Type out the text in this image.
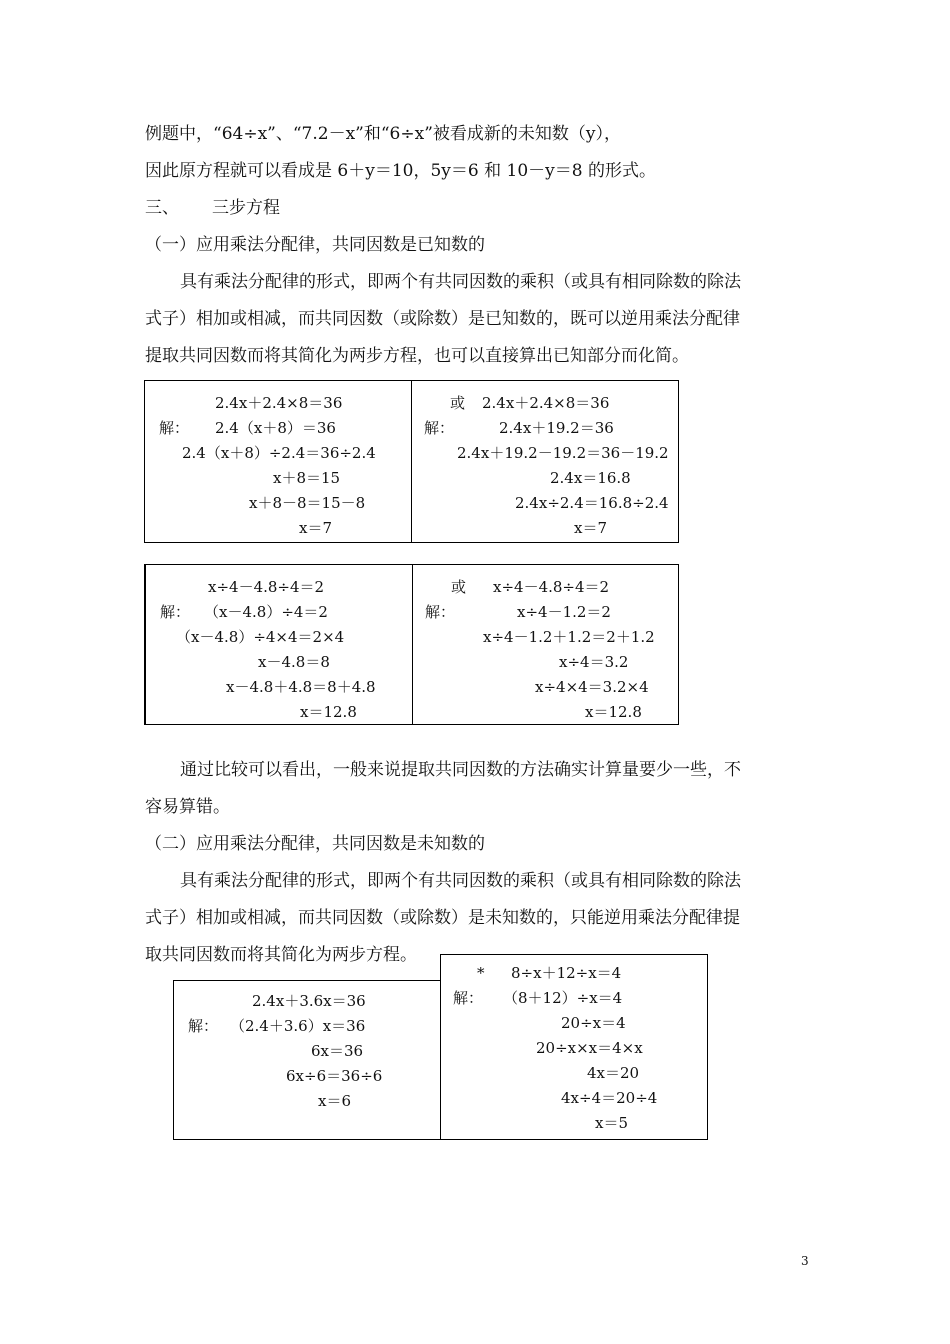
例题中，“64÷x”、“7.2－x”和“6÷x”被看成新的未知数（y），
因此原方程就可以看成是 6＋y＝10，5y＝6 和 10－y＝8 的形式。
三、 三步方程
（一）应用乘法分配律，共同因数是已知数的
具有乘法分配律的形式，即两个有共同因数的乘积（或具有相同除数的除法
式子）相加或相减，而共同因数（或除数）是已知数的，既可以逆用乘法分配律
提取共同因数而将其简化为两步方程，也可以直接算出已知部分而化简。
2.4x＋2.4×8＝36
解： 2.4（x＋8）＝36
2.4（x＋8）÷2.4＝36÷2.4
x＋8＝15
x＋8－8＝15－8
x＝7
或 2.4x＋2.4×8＝36
解：	2.4x＋19.2＝36
2.4x＋19.2－19.2＝36－19.2
2.4x＝16.8
2.4x÷2.4＝16.8÷2.4
x＝7
x÷4－4.8÷4＝2
解： （x－4.8）÷4＝2
（x－4.8）÷4×4＝2×4
x－4.8＝8
x－4.8＋4.8＝8＋4.8
x＝12.8
或 x÷4－4.8÷4＝2
解：	x÷4－1.2＝2
x÷4－1.2＋1.2＝2＋1.2
x÷4＝3.2
x÷4×4＝3.2×4
x＝12.8
通过比较可以看出，一般来说提取共同因数的方法确实计算量要少一些，不
容易算错。
（二）应用乘法分配律，共同因数是未知数的
具有乘法分配律的形式，即两个有共同因数的乘积（或具有相同除数的除法
式子）相加或相减，而共同因数（或除数）是未知数的，只能逆用乘法分配律提
取共同因数而将其简化为两步方程。
2.4x＋3.6x＝36
解： （2.4＋3.6）x＝36
6x＝36
6x÷6＝36÷6
x＝6
* 8÷x＋12÷x＝4
解： （8＋12）÷x＝4
20÷x＝4
20÷x×x＝4×x
4x＝20
4x÷4＝20÷4
x＝5
3
